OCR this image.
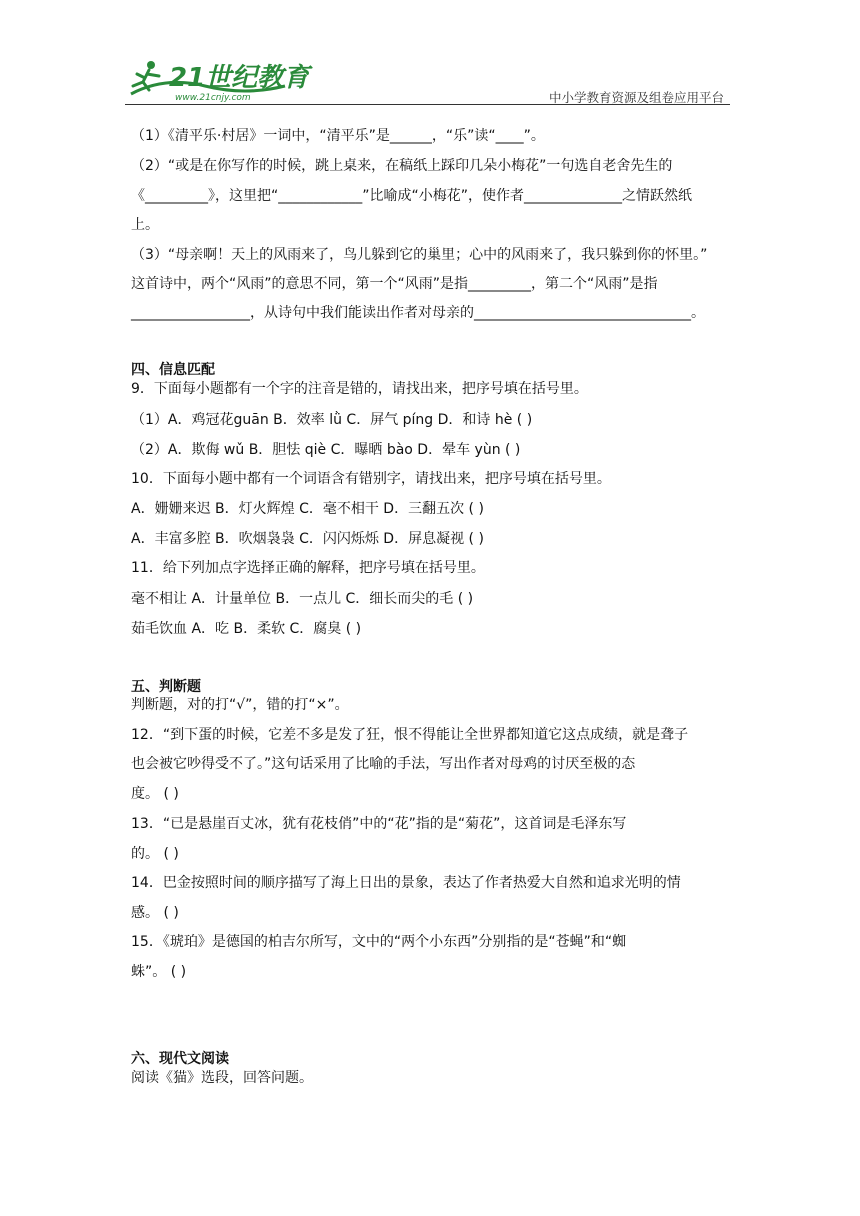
21世纪教育
www.21cnjy.com	中小学教育资源及组卷应用平台
（1）《清平乐·村居》一词中，“清平乐”是______，“乐”读“____”。
（2）“或是在你写作的时候，跳上桌来，在稿纸上踩印几朵小梅花”一句选自老舍先生的
《_________》，这里把“____________”比喻成“小梅花”，使作者______________之情跃然纸
上。
（3）“母亲啊！天上的风雨来了，鸟儿躲到它的巢里；心中的风雨来了，我只躲到你的怀里。”
这首诗中，两个“风雨”的意思不同，第一个“风雨”是指_________，第二个“风雨”是指
_________________，从诗句中我们能读出作者对母亲的_______________________________。
四、信息匹配
9．下面每小题都有一个字的注音是错的，请找出来，把序号填在括号里。
（1）A．鸡冠花guān B．效率 lǜ C．屏气 píng D．和诗 hè ( )
（2）A．欺侮 wǔ B．胆怯 qiè C．曝晒 bào D．晕车 yùn ( )
10．下面每小题中都有一个词语含有错别字，请找出来，把序号填在括号里。
A．姗姗来迟 B．灯火辉煌 C．毫不相干 D．三翻五次 ( )
A．丰富多腔 B．吹烟袅袅 C．闪闪烁烁 D．屏息凝视 ( )
11．给下列加点字选择正确的解释，把序号填在括号里。
毫不相让 A．计量单位 B．一点儿 C．细长而尖的毛 ( )
茹毛饮血 A．吃 B．柔软 C．腐臭 ( )
五、判断题
判断题，对的打“√”，错的打“×”。
12．“到下蛋的时候，它差不多是发了狂，恨不得能让全世界都知道它这点成绩，就是聋子
也会被它吵得受不了。”这句话采用了比喻的手法，写出作者对母鸡的讨厌至极的态
度。 ( )
13．“已是悬崖百丈冰，犹有花枝俏”中的“花”指的是“菊花”，这首词是毛泽东写
的。 ( )
14．巴金按照时间的顺序描写了海上日出的景象，表达了作者热爱大自然和追求光明的情
感。 ( )
15．《琥珀》是德国的柏吉尔所写，文中的“两个小东西”分别指的是“苍蝇”和“蜘
蛛”。 ( )
六、现代文阅读
阅读《猫》选段，回答问题。
